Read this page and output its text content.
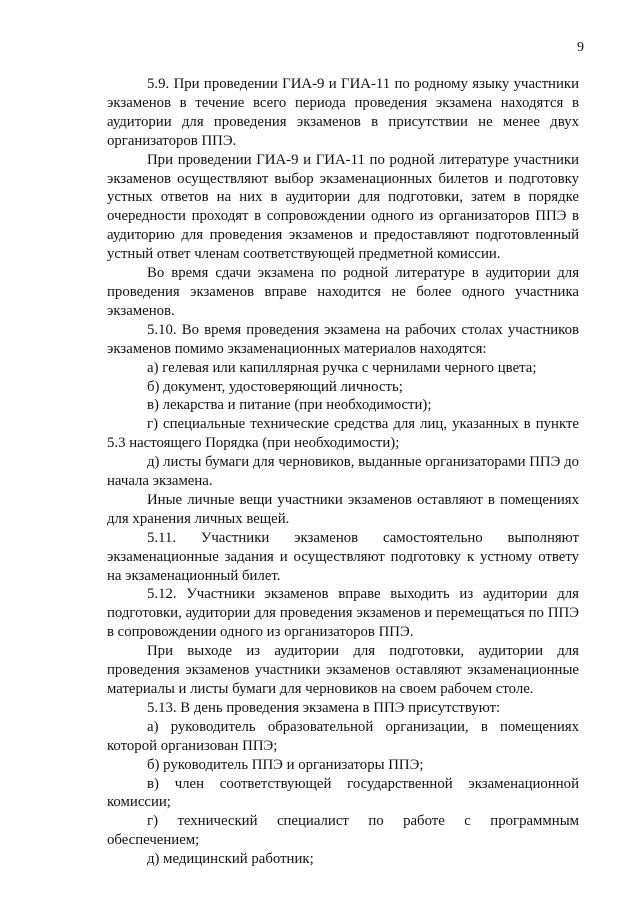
9

5.9. При проведении ГИА-9 и ГИА-11 по родному языку участники экзаменов в течение всего периода проведения экзамена находятся в аудитории для проведения экзаменов в присутствии не менее двух организаторов ППЭ.

При проведении ГИА-9 и ГИА-11 по родной литературе участники экзаменов осуществляют выбор экзаменационных билетов и подготовку устных ответов на них в аудитории для подготовки, затем в порядке очередности проходят в сопровождении одного из организаторов ППЭ в аудиторию для проведения экзаменов и предоставляют подготовленный устный ответ членам соответствующей предметной комиссии.

Во время сдачи экзамена по родной литературе в аудитории для проведения экзаменов вправе находится не более одного участника экзаменов.

5.10. Во время проведения экзамена на рабочих столах участников экзаменов помимо экзаменационных материалов находятся:

а) гелевая или капиллярная ручка с чернилами черного цвета;

б) документ, удостоверяющий личность;

в) лекарства и питание (при необходимости);

г) специальные технические средства для лиц, указанных в пункте 5.3 настоящего Порядка (при необходимости);

д) листы бумаги для черновиков, выданные организаторами ППЭ до начала экзамена.

Иные личные вещи участники экзаменов оставляют в помещениях для хранения личных вещей.

5.11. Участники экзаменов самостоятельно выполняют экзаменационные задания и осуществляют подготовку к устному ответу на экзаменационный билет.

5.12. Участники экзаменов вправе выходить из аудитории для подготовки, аудитории для проведения экзаменов и перемещаться по ППЭ в сопровождении одного из организаторов ППЭ.

При выходе из аудитории для подготовки, аудитории для проведения экзаменов участники экзаменов оставляют экзаменационные материалы и листы бумаги для черновиков на своем рабочем столе.

5.13. В день проведения экзамена в ППЭ присутствуют:

а) руководитель образовательной организации, в помещениях которой организован ППЭ;

б) руководитель ППЭ и организаторы ППЭ;

в) член соответствующей государственной экзаменационной комиссии;

г) технический специалист по работе с программным обеспечением;

д) медицинский работник;
